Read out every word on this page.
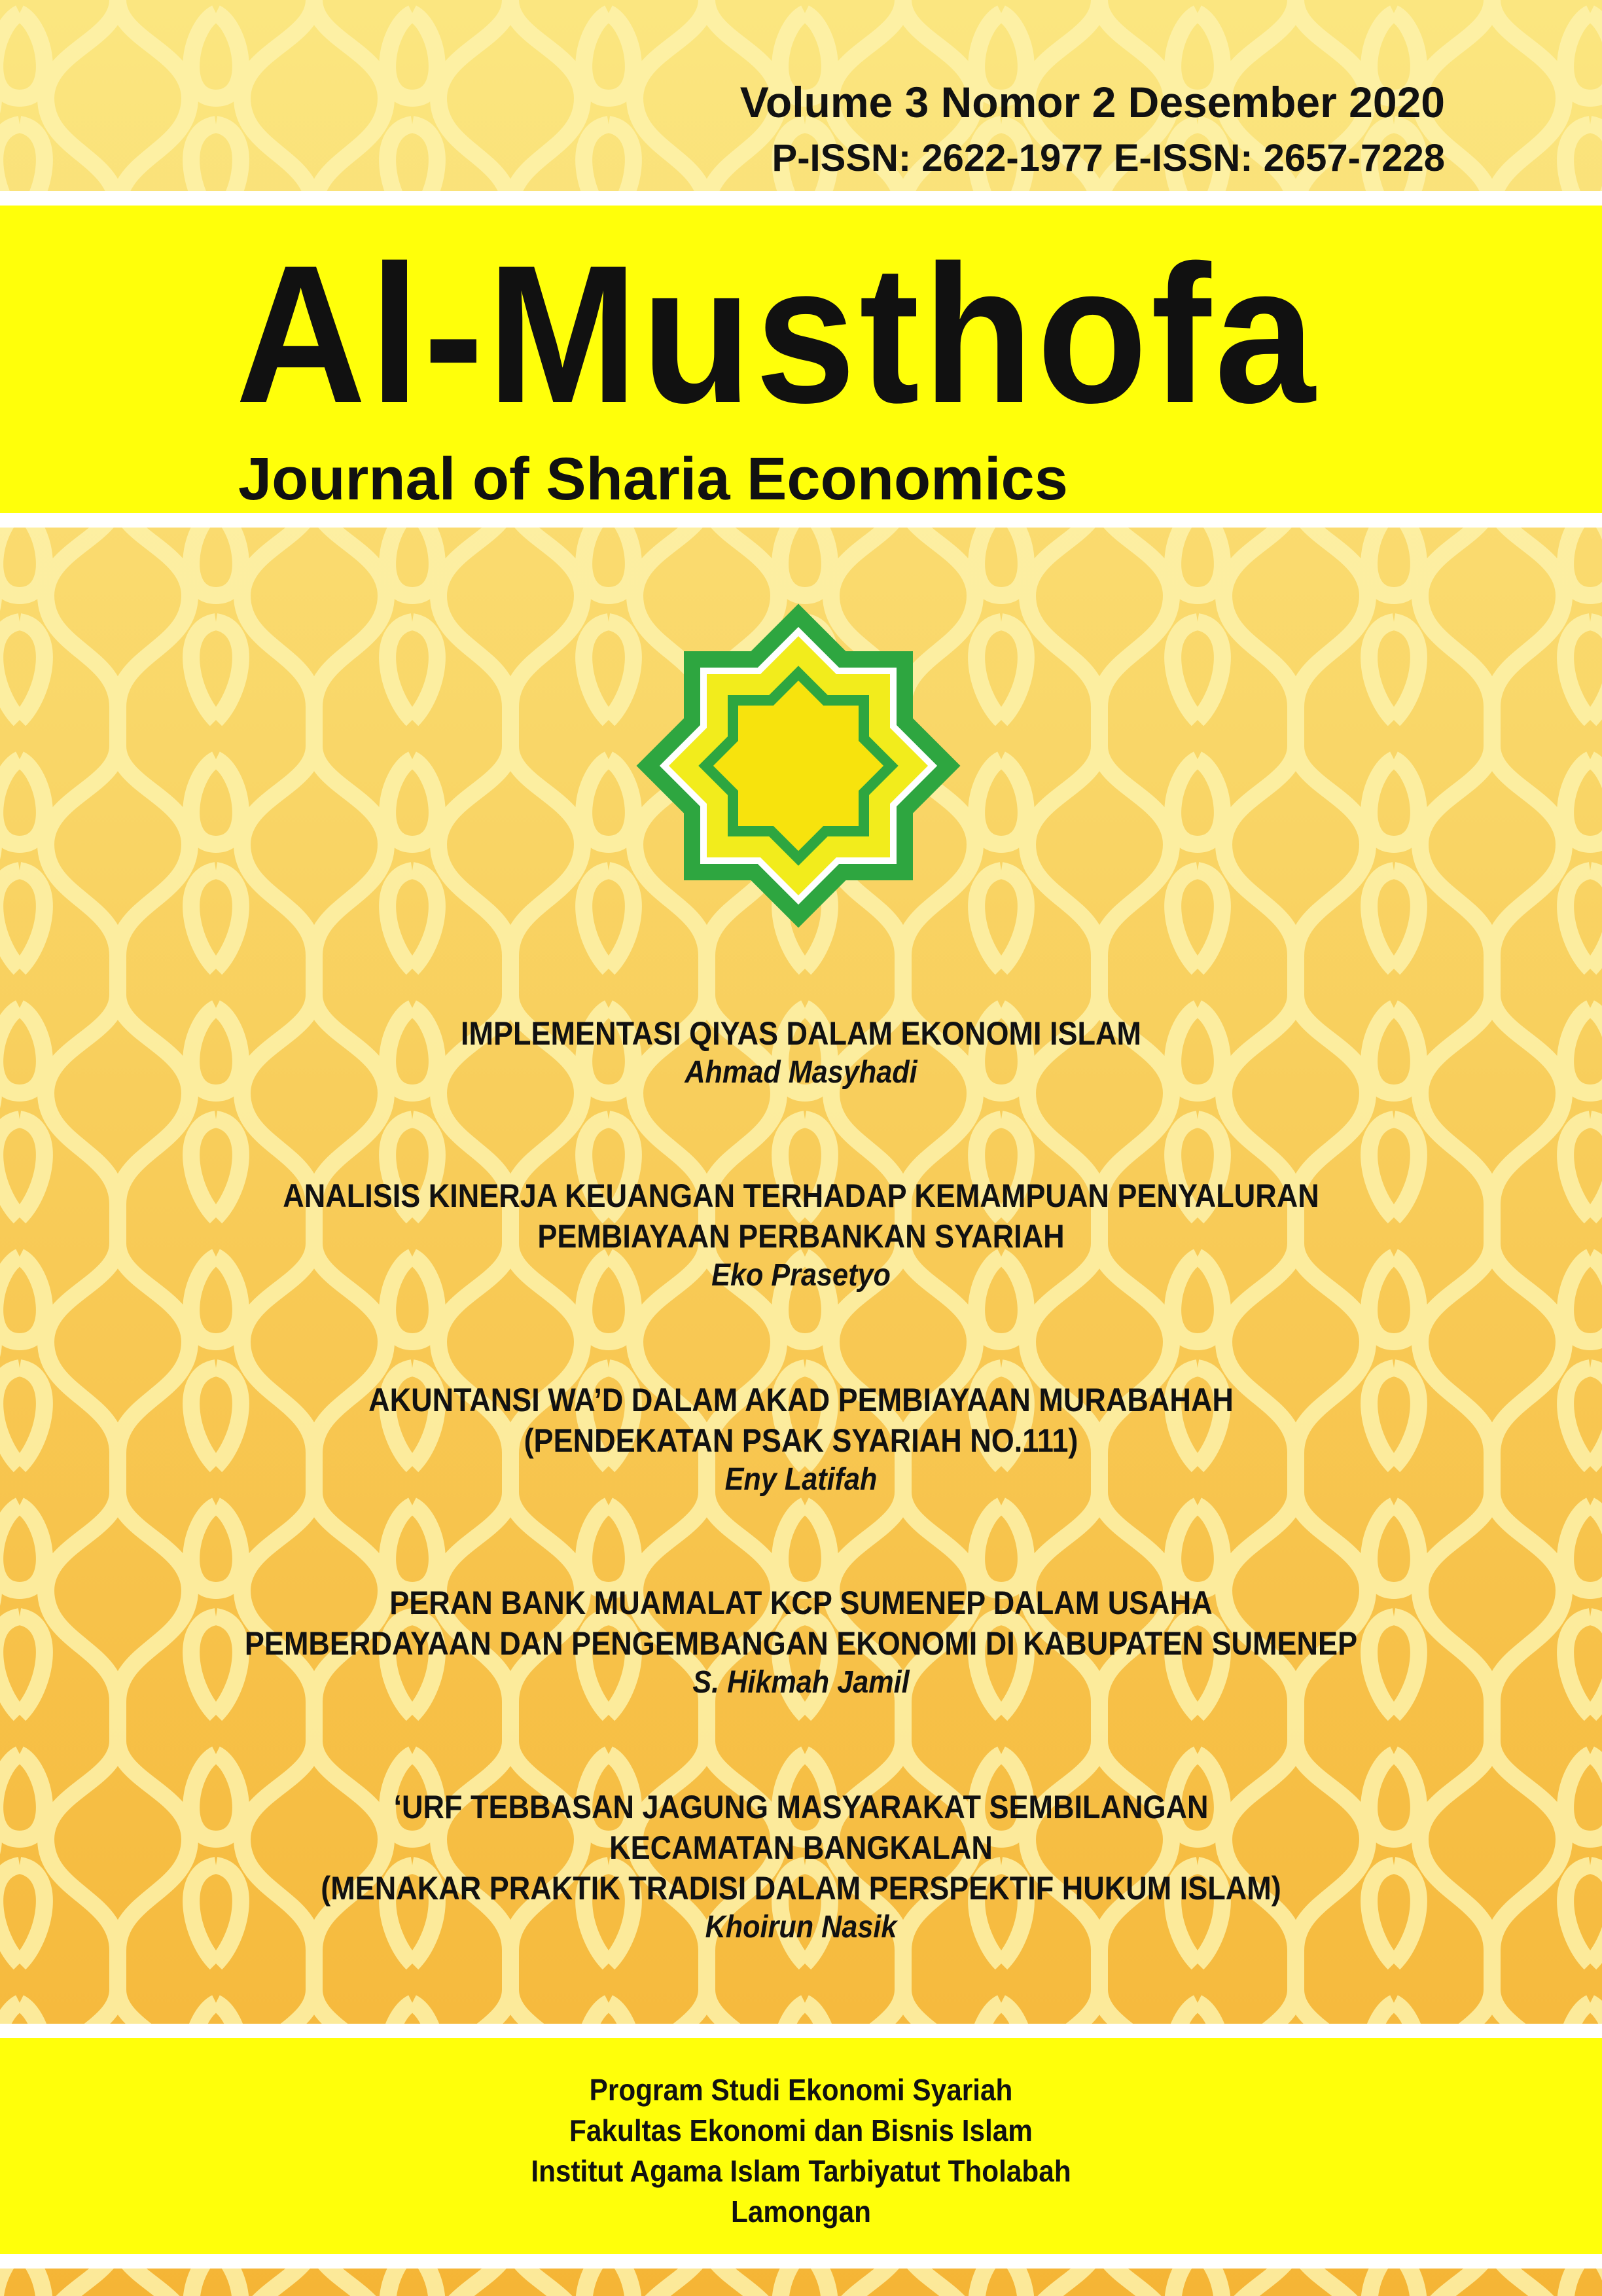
Volume 3 Nomor 2 Desember 2020
P-ISSN: 2622-1977 E-ISSN: 2657-7228
Al-Musthofa
Journal of Sharia Economics
IMPLEMENTASI QIYAS DALAM EKONOMI ISLAM
Ahmad Masyhadi
ANALISIS KINERJA KEUANGAN TERHADAP KEMAMPUAN PENYALURAN
PEMBIAYAAN PERBANKAN SYARIAH
Eko Prasetyo
AKUNTANSI WA’D DALAM AKAD PEMBIAYAAN MURABAHAH
(PENDEKATAN PSAK SYARIAH NO.111)
Eny Latifah
PERAN BANK MUAMALAT KCP SUMENEP DALAM USAHA
PEMBERDAYAAN DAN PENGEMBANGAN EKONOMI DI KABUPATEN SUMENEP
S. Hikmah Jamil
‘URF TEBBASAN JAGUNG MASYARAKAT SEMBILANGAN
KECAMATAN BANGKALAN
(MENAKAR PRAKTIK TRADISI DALAM PERSPEKTIF HUKUM ISLAM)
Khoirun Nasik
Program Studi Ekonomi Syariah
Fakultas Ekonomi dan Bisnis Islam
Institut Agama Islam Tarbiyatut Tholabah
Lamongan
